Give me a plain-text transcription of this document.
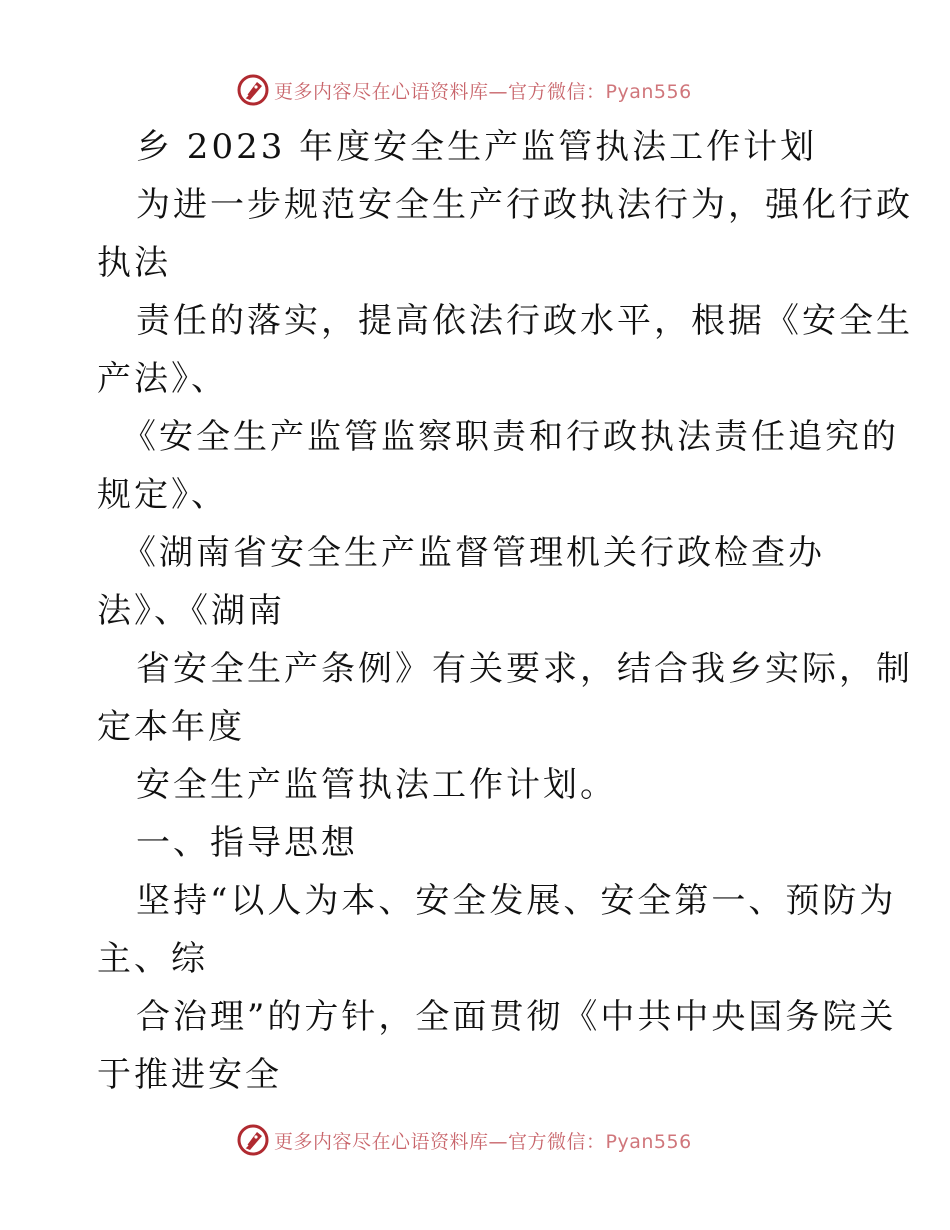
更多内容尽在心语资料库—官方微信：Pyan556

乡 2023 年度安全生产监管执法工作计划

为进一步规范安全生产行政执法行为，强化行政

执法

责任的落实，提高依法行政水平，根据《安全生

产法》、

《安全生产监管监察职责和行政执法责任追究的

规定》、

《湖南省安全生产监督管理机关行政检查办

法》、《湖南

省安全生产条例》有关要求，结合我乡实际，制

定本年度

安全生产监管执法工作计划。

一、指导思想

坚持“以人为本、安全发展、安全第一、预防为

主、综

合治理”的方针，全面贯彻《中共中央国务院关

于推进安全

更多内容尽在心语资料库—官方微信：Pyan556
